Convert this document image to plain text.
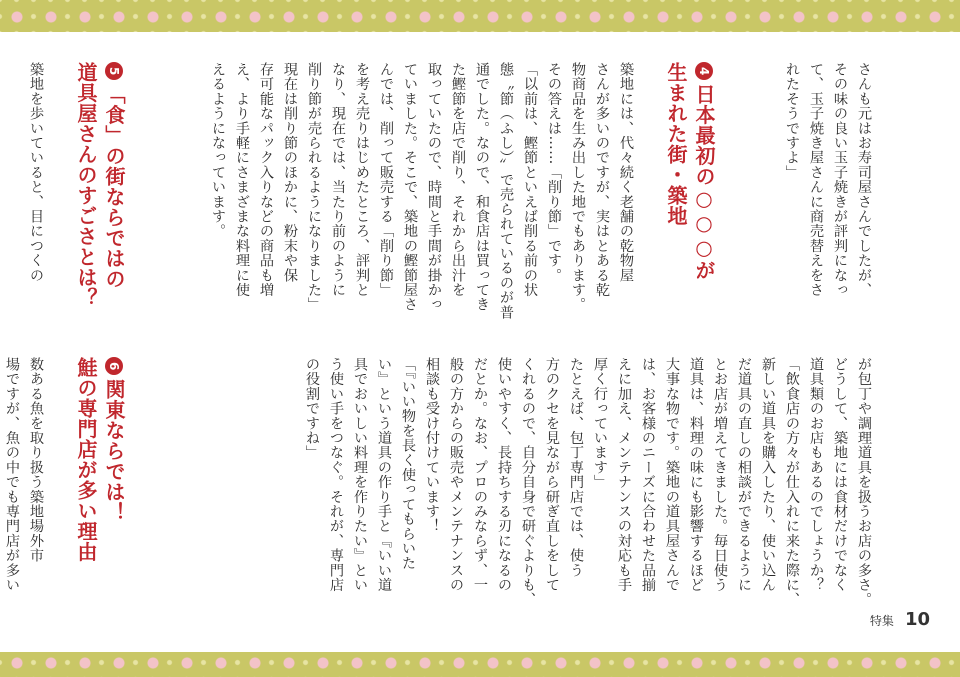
さんも元はお寿司屋さんでしたが、
その味の良い玉子焼きが評判になっ
て、玉子焼き屋さんに商売替えをさ
れたそうですよ」

4日本最初の○○○が
生まれた街・築地

築地には、代々続く老舗の乾物屋
さんが多いのですが、実はとある乾
物商品を生み出した地でもあります。
その答えは……「削り節」です。
「以前は、鰹節といえば削る前の状
態〝節（ふし）〟で売られているのが普
通でした。なので、和食店は買ってき
た鰹節を店で削り、それから出汁を
取っていたので、時間と手間が掛かっ
ていました。そこで、築地の鰹節屋さ
んでは、削って販売する「削り節」
を考え売りはじめたところ、評判と
なり、現在では、当たり前のように
削り節が売られるようになりました」
現在は削り節のほかに、粉末や保
存可能なパック入りなどの商品も増
え、より手軽にさまざまな料理に使
えるようになっています。

5「食」の街ならではの
道具屋さんのすごさとは？

築地を歩いていると、目につくの

が包丁や調理道具を扱うお店の多さ。
どうして、築地には食材だけでなく
道具類のお店もあるのでしょうか？
「飲食店の方々が仕入れに来た際に、
新しい道具を購入したり、使い込ん
だ道具の直しの相談ができるように
とお店が増えてきました。毎日使う
道具は、料理の味にも影響するほど
大事な物です。築地の道具屋さんで
は、お客様のニーズに合わせた品揃
えに加え、メンテナンスの対応も手
厚く行っています」
たとえば、包丁専門店では、使う
方のクセを見ながら研ぎ直しをして
くれるので、自分自身で研ぐよりも、
使いやすく、長持ちする刃になるの
だとか。なお、プロのみならず、一
般の方からの販売やメンテナンスの
相談も受け付けています！
「『いい物を長く使ってもらいた
い』という道具の作り手と『いい道
具でおいしい料理を作りたい』とい
う使い手をつなぐ。それが、専門店
の役割ですね」

6関東ならでは！
鮭の専門店が多い理由

数ある魚を取り扱う築地場外市
場ですが、魚の中でも専門店が多い

特集 10
